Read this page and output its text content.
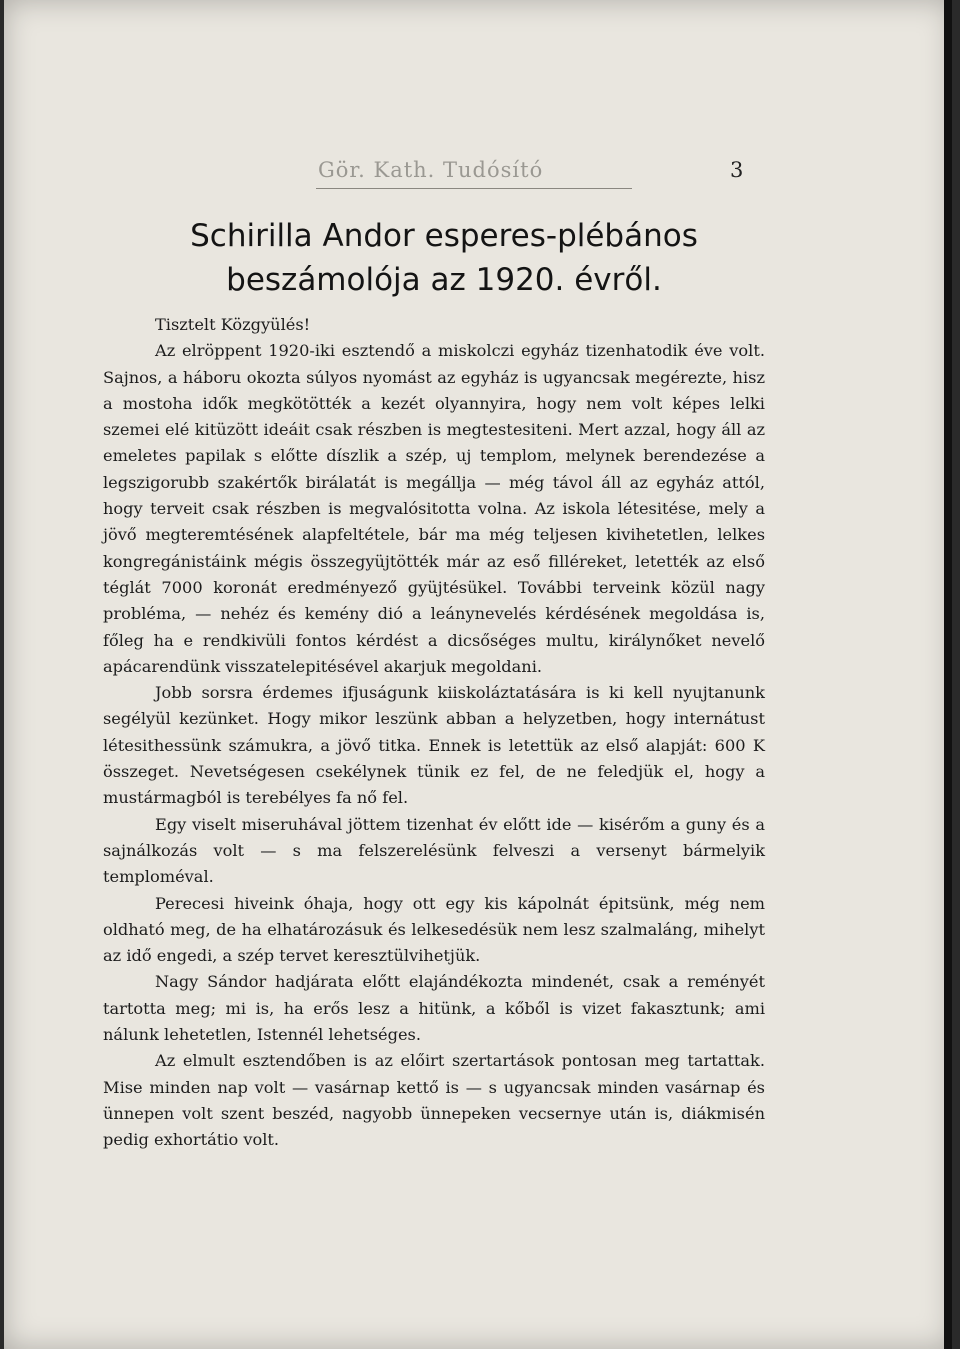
Gör. Kath. Tudósító	3
Schirilla Andor esperes-plébános
beszámolója az 1920. évről.

Tisztelt Közgyülés!

Az elröppent 1920-iki esztendő a miskolczi egyház tizenhatodik éve volt. Sajnos, a háboru okozta súlyos nyomást az egyház is ugyancsak megérezte, hisz a mostoha idők megkötötték a kezét olyannyira, hogy nem volt képes lelki szemei elé kitüzött ideáit csak részben is megtestesiteni. Mert azzal, hogy áll az emeletes papilak s előtte díszlik a szép, uj templom, melynek berendezése a legszigorubb szakértők birálatát is megállja — még távol áll az egyház attól, hogy terveit csak részben is megvalósitotta volna. Az iskola létesitése, mely a jövő megteremtésének alapfeltétele, bár ma még teljesen kivihetetlen, lelkes kongregánistáink mégis összegyüjtötték már az eső filléreket, letették az első téglát 7000 koronát eredményező gyüjtésükel. További terveink közül nagy probléma, — nehéz és kemény dió a leánynevelés kérdésének megoldása is, főleg ha e rendkivüli fontos kérdést a dicsőséges multu, királynőket nevelő apácarendünk visszatelepitésével akarjuk megoldani.

Jobb sorsra érdemes ifjuságunk kiiskoláztatására is ki kell nyujtanunk segélyül kezünket. Hogy mikor leszünk abban a helyzetben, hogy internátust létesithessünk számukra, a jövő titka. Ennek is letettük az első alapját: 600 K összeget. Nevetségesen csekélynek tünik ez fel, de ne feledjük el, hogy a mustármagból is terebélyes fa nő fel.

Egy viselt miseruhával jöttem tizenhat év előtt ide — kisérőm a guny és a sajnálkozás volt — s ma felszerelésünk felveszi a versenyt bármelyik temploméval.

Perecesi hiveink óhaja, hogy ott egy kis kápolnát épitsünk, még nem oldható meg, de ha elhatározásuk és lelkesedésük nem lesz szalmaláng, mihelyt az idő engedi, a szép tervet keresztülvihetjük.

Nagy Sándor hadjárata előtt elajándékozta mindenét, csak a reményét tartotta meg; mi is, ha erős lesz a hitünk, a kőből is vizet fakasztunk; ami nálunk lehetetlen, Istennél lehetséges.

Az elmult esztendőben is az előirt szertartások pontosan meg tartattak. Mise minden nap volt — vasárnap kettő is — s ugyancsak minden vasárnap és ünnepen volt szent beszéd, nagyobb ünnepeken vecsernye után is, diákmisén pedig exhortátio volt.
